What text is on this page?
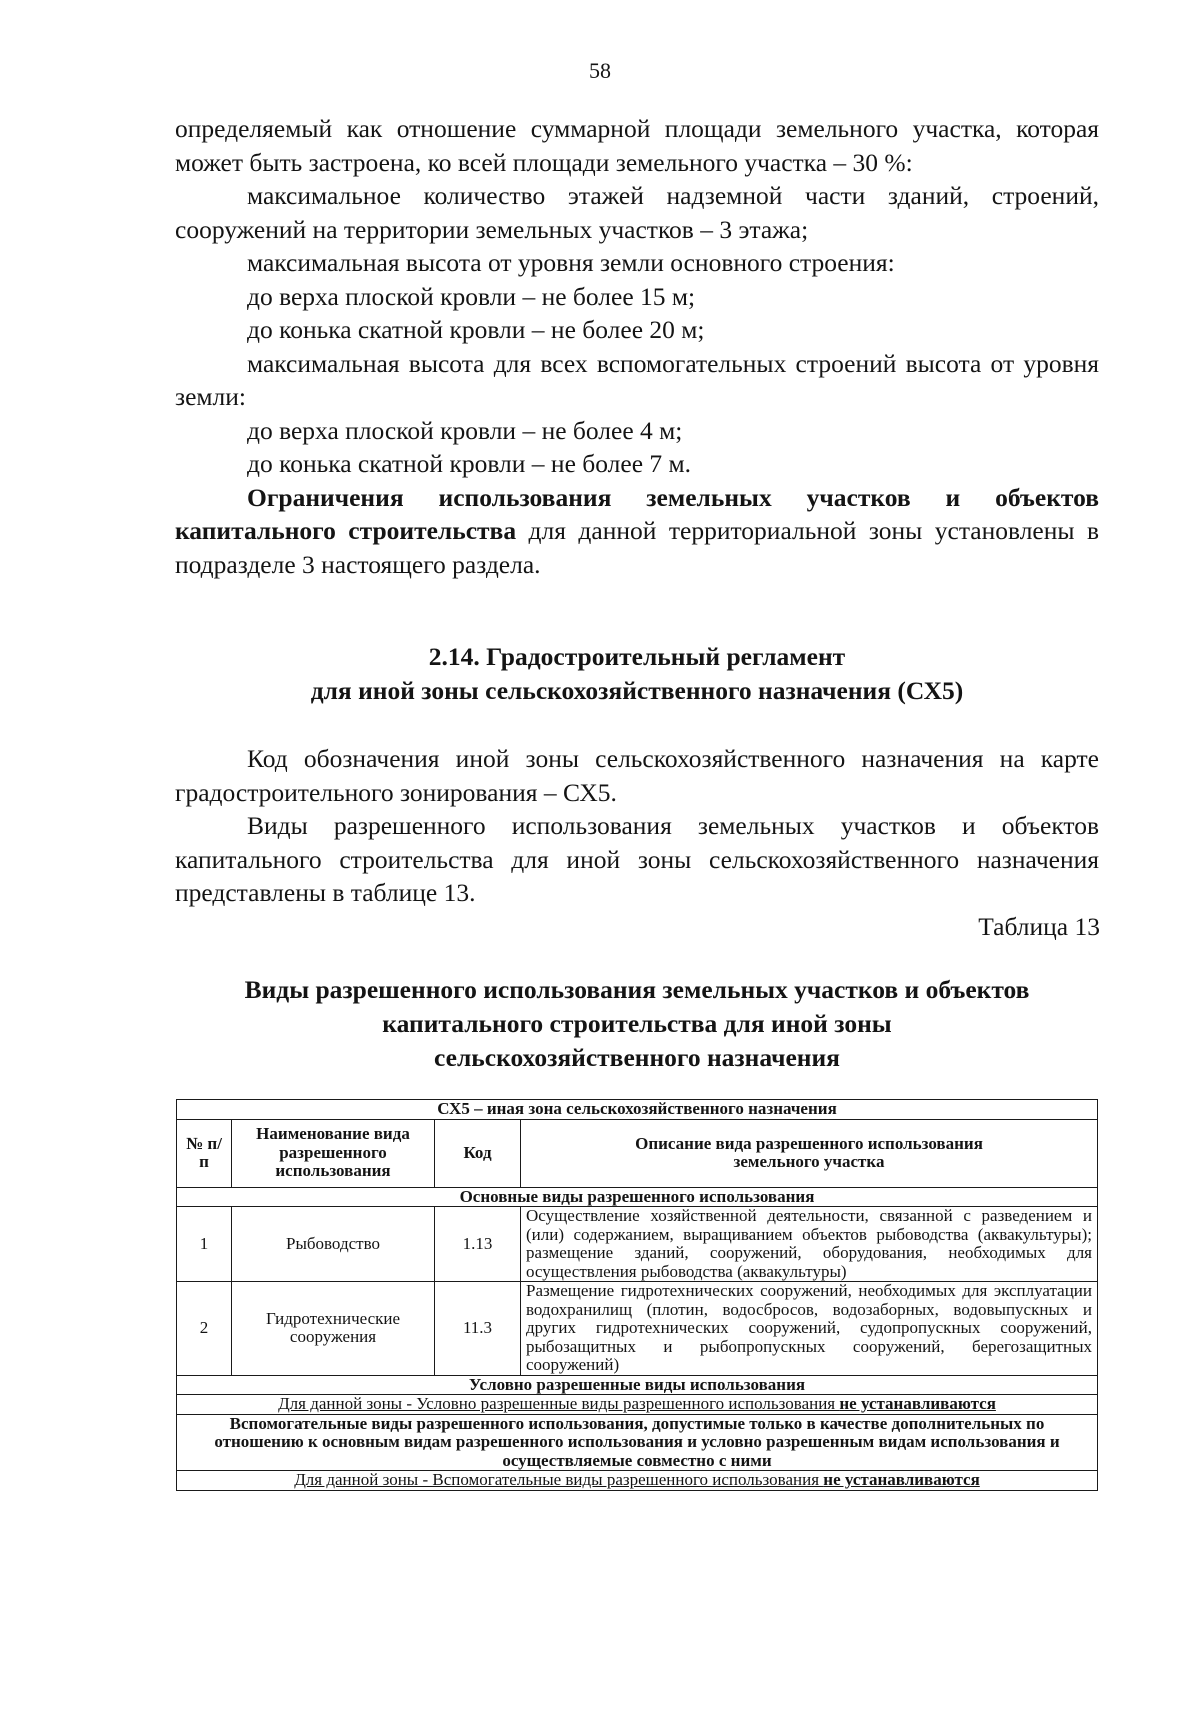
58

определяемый как отношение суммарной площади земельного участка, которая может быть застроена, ко всей площади земельного участка – 30 %:

максимальное количество этажей надземной части зданий, строений, сооружений на территории земельных участков – 3 этажа;

максимальная высота от уровня земли основного строения:

до верха плоской кровли – не более 15 м;

до конька скатной кровли – не более 20 м;

максимальная высота для всех вспомогательных строений высота от уровня земли:

до верха плоской кровли – не более 4 м;

до конька скатной кровли – не более 7 м.

Ограничения использования земельных участков и объектов капитального строительства для данной территориальной зоны установлены в подразделе 3 настоящего раздела.

2.14. Градостроительный регламент
для иной зоны сельскохозяйственного назначения (СХ5)

Код обозначения иной зоны сельскохозяйственного назначения на карте градостроительного зонирования – СХ5.

Виды разрешенного использования земельных участков и объектов капитального строительства для иной зоны сельскохозяйственного назначения представлены в таблице 13.

Таблица 13
Виды разрешенного использования земельных участков и объектов
капитального строительства для иной зоны
сельскохозяйственного назначения
СХ5 – иная зона сельскохозяйственного назначения			
№ п/п	Наименование вида разрешенного использования	Код	Описание вида разрешенного использования земельного участка
Основные виды разрешенного использования			
1	Рыбоводство	1.13	Осуществление хозяйственной деятельности, связанной с разведением и (или) содержанием, выращиванием объектов рыбоводства (аквакультуры); размещение зданий, сооружений, оборудования, необходимых для осуществления рыбоводства (аквакультуры)
2	Гидротехнические сооружения	11.3	Размещение гидротехнических сооружений, необходимых для эксплуатации водохранилищ (плотин, водосбросов, водозаборных, водовыпускных и других гидротехнических сооружений, судопропускных сооружений, рыбозащитных и рыбопропускных сооружений, берегозащитных сооружений)
Условно разрешенные виды использования			
Для данной зоны - Условно разрешенные виды разрешенного использования не устанавливаются			
Вспомогательные виды разрешенного использования, допустимые только в качестве дополнительных по отношению к основным видам разрешенного использования и условно разрешенным видам использования и осуществляемые совместно с ними			
Для данной зоны - Вспомогательные виды разрешенного использования не устанавливаются			
